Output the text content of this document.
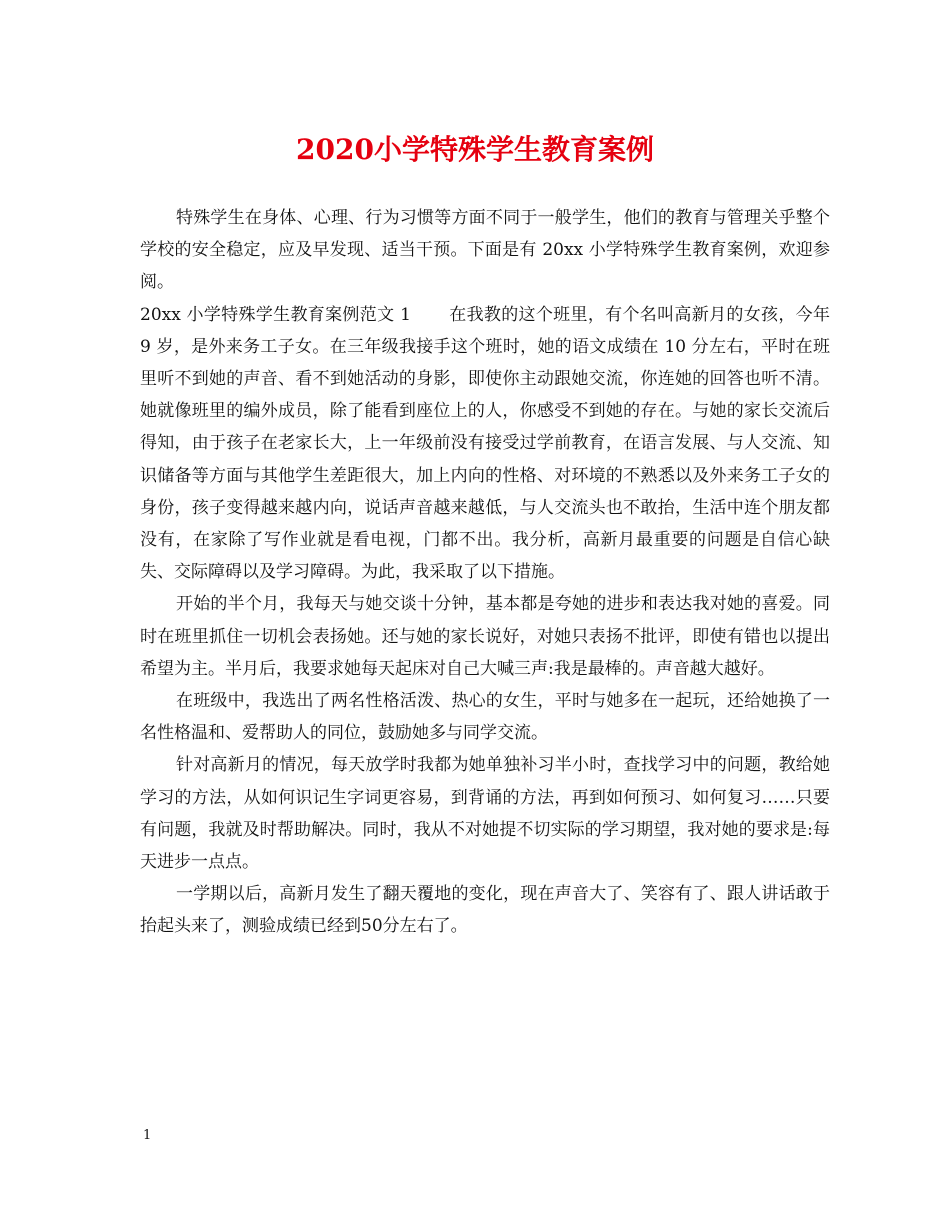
2020小学特殊学生教育案例

特殊学生在身体、心理、行为习惯等方面不同于一般学生，他们的教育与管理关乎整个学校的安全稳定，应及早发现、适当干预。下面是有 20xx 小学特殊学生教育案例，欢迎参阅。

20xx 小学特殊学生教育案例范文 1 在我教的这个班里，有个名叫高新月的女孩，今年 9 岁，是外来务工子女。在三年级我接手这个班时，她的语文成绩在 10 分左右，平时在班里听不到她的声音、看不到她活动的身影，即使你主动跟她交流，你连她的回答也听不清。她就像班里的编外成员，除了能看到座位上的人，你感受不到她的存在。与她的家长交流后得知，由于孩子在老家长大，上一年级前没有接受过学前教育，在语言发展、与人交流、知识储备等方面与其他学生差距很大，加上内向的性格、对环境的不熟悉以及外来务工子女的身份，孩子变得越来越内向，说话声音越来越低，与人交流头也不敢抬，生活中连个朋友都没有，在家除了写作业就是看电视，门都不出。我分析，高新月最重要的问题是自信心缺失、交际障碍以及学习障碍。为此，我采取了以下措施。

开始的半个月，我每天与她交谈十分钟，基本都是夸她的进步和表达我对她的喜爱。同时在班里抓住一切机会表扬她。还与她的家长说好，对她只表扬不批评，即使有错也以提出希望为主。半月后，我要求她每天起床对自己大喊三声:我是最棒的。声音越大越好。

在班级中，我选出了两名性格活泼、热心的女生，平时与她多在一起玩，还给她换了一名性格温和、爱帮助人的同位，鼓励她多与同学交流。

针对高新月的情况，每天放学时我都为她单独补习半小时，查找学习中的问题，教给她学习的方法，从如何识记生字词更容易，到背诵的方法，再到如何预习、如何复习……只要有问题，我就及时帮助解决。同时，我从不对她提不切实际的学习期望，我对她的要求是:每天进步一点点。

一学期以后，高新月发生了翻天覆地的变化，现在声音大了、笑容有了、跟人讲话敢于抬起头来了，测验成绩已经到50分左右了。

1
